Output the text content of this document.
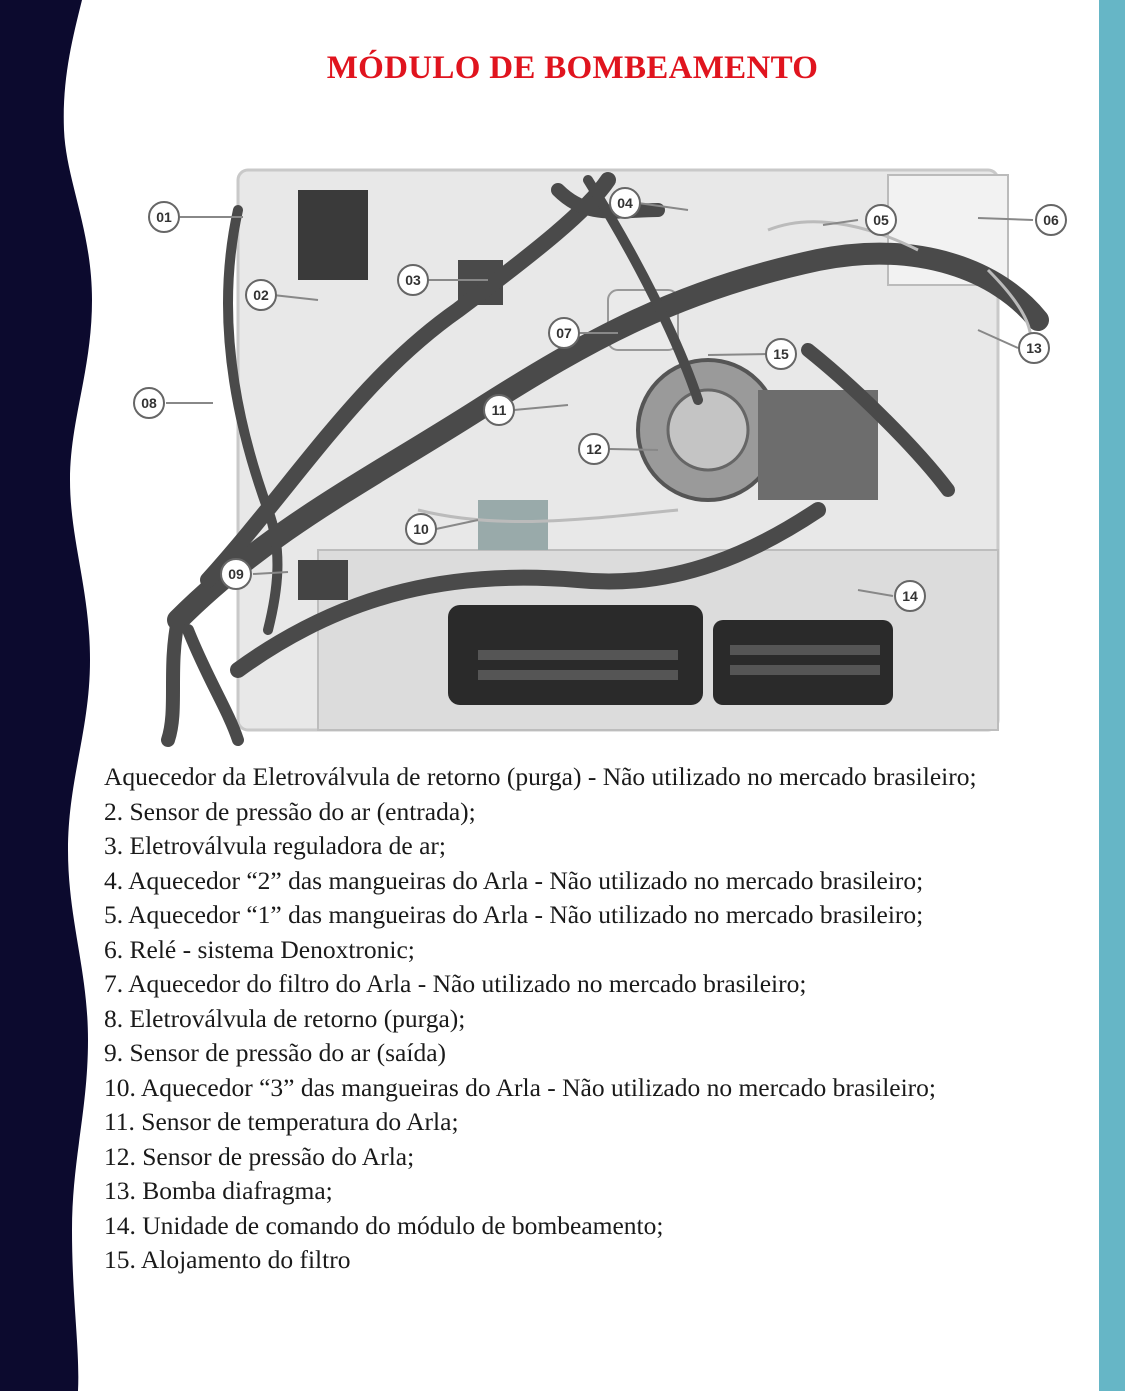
MÓDULO DE BOMBEAMENTO
01
02
03
04
05	06
07
08
09
10
11
12
13
14
15
Aquecedor da Eletroválvula de retorno (purga) - Não utilizado no mercado brasileiro;
2. Sensor de pressão do ar (entrada);
3. Eletroválvula reguladora de ar;
4. Aquecedor “2” das mangueiras do Arla - Não utilizado no mercado brasileiro;
5. Aquecedor “1” das mangueiras do Arla - Não utilizado no mercado brasileiro;
6. Relé - sistema Denoxtronic;
7. Aquecedor do filtro do Arla - Não utilizado no mercado brasileiro;
8. Eletroválvula de retorno (purga);
9. Sensor de pressão do ar (saída)
10. Aquecedor “3” das mangueiras do Arla - Não utilizado no mercado brasileiro;
11. Sensor de temperatura do Arla;
12. Sensor de pressão do Arla;
13. Bomba diafragma;
14. Unidade de comando do módulo de bombeamento;
15. Alojamento do filtro
